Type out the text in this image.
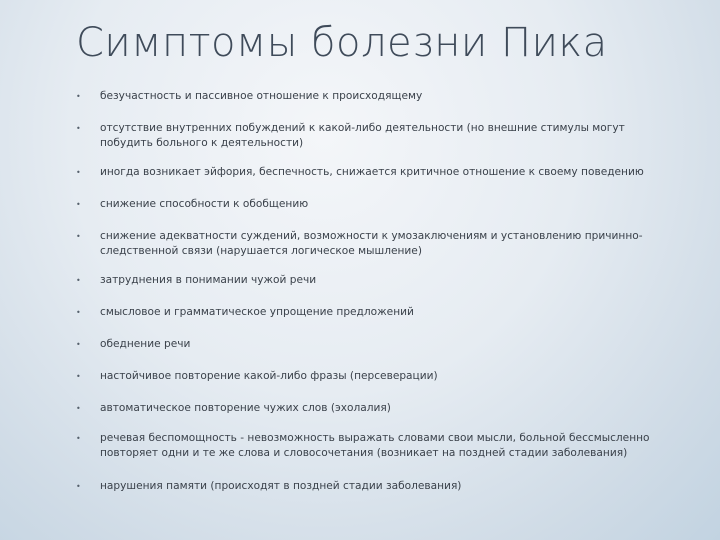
Симптомы болезни Пика
• безучастность и пассивное отношение к происходящему
• отсутствие внутренних побуждений к какой-либо деятельности (но внешние стимулы могут побудить больного к деятельности)
• иногда возникает эйфория, беспечность, снижается критичное отношение к своему поведению
• снижение способности к обобщению
• снижение адекватности суждений, возможности к умозаключениям и установлению причинно-следственной связи (нарушается логическое мышление)
• затруднения в понимании чужой речи
• смысловое и грамматическое упрощение предложений
• обеднение речи
• настойчивое повторение какой-либо фразы (персеверации)
• автоматическое повторение чужих слов (эхолалия)
• речевая беспомощность - невозможность выражать словами свои мысли, больной бессмысленно повторяет одни и те же слова и словосочетания (возникает на поздней стадии заболевания)
• нарушения памяти (происходят в поздней стадии заболевания)
